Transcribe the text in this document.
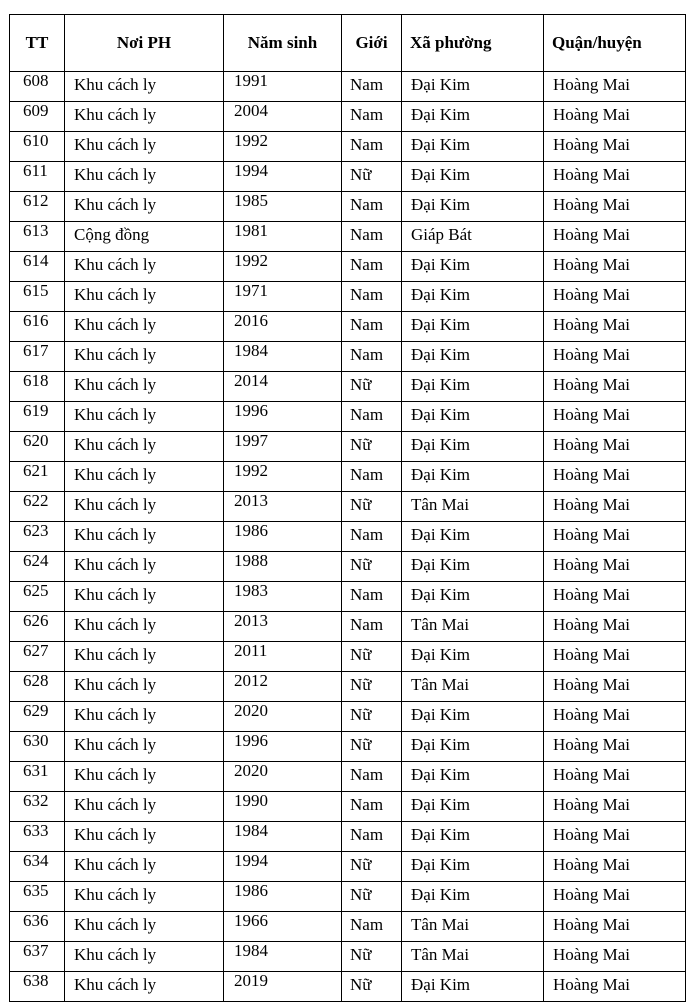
TT	Nơi PH	Năm sinh	Giới	Xã phường	Quận/huyện
608	Khu cách ly	1991	Nam	Đại Kim	Hoàng Mai
609	Khu cách ly	2004	Nam	Đại Kim	Hoàng Mai
610	Khu cách ly	1992	Nam	Đại Kim	Hoàng Mai
611	Khu cách ly	1994	Nữ	Đại Kim	Hoàng Mai
612	Khu cách ly	1985	Nam	Đại Kim	Hoàng Mai
613	Cộng đồng	1981	Nam	Giáp Bát	Hoàng Mai
614	Khu cách ly	1992	Nam	Đại Kim	Hoàng Mai
615	Khu cách ly	1971	Nam	Đại Kim	Hoàng Mai
616	Khu cách ly	2016	Nam	Đại Kim	Hoàng Mai
617	Khu cách ly	1984	Nam	Đại Kim	Hoàng Mai
618	Khu cách ly	2014	Nữ	Đại Kim	Hoàng Mai
619	Khu cách ly	1996	Nam	Đại Kim	Hoàng Mai
620	Khu cách ly	1997	Nữ	Đại Kim	Hoàng Mai
621	Khu cách ly	1992	Nam	Đại Kim	Hoàng Mai
622	Khu cách ly	2013	Nữ	Tân Mai	Hoàng Mai
623	Khu cách ly	1986	Nam	Đại Kim	Hoàng Mai
624	Khu cách ly	1988	Nữ	Đại Kim	Hoàng Mai
625	Khu cách ly	1983	Nam	Đại Kim	Hoàng Mai
626	Khu cách ly	2013	Nam	Tân Mai	Hoàng Mai
627	Khu cách ly	2011	Nữ	Đại Kim	Hoàng Mai
628	Khu cách ly	2012	Nữ	Tân Mai	Hoàng Mai
629	Khu cách ly	2020	Nữ	Đại Kim	Hoàng Mai
630	Khu cách ly	1996	Nữ	Đại Kim	Hoàng Mai
631	Khu cách ly	2020	Nam	Đại Kim	Hoàng Mai
632	Khu cách ly	1990	Nam	Đại Kim	Hoàng Mai
633	Khu cách ly	1984	Nam	Đại Kim	Hoàng Mai
634	Khu cách ly	1994	Nữ	Đại Kim	Hoàng Mai
635	Khu cách ly	1986	Nữ	Đại Kim	Hoàng Mai
636	Khu cách ly	1966	Nam	Tân Mai	Hoàng Mai
637	Khu cách ly	1984	Nữ	Tân Mai	Hoàng Mai
638	Khu cách ly	2019	Nữ	Đại Kim	Hoàng Mai
